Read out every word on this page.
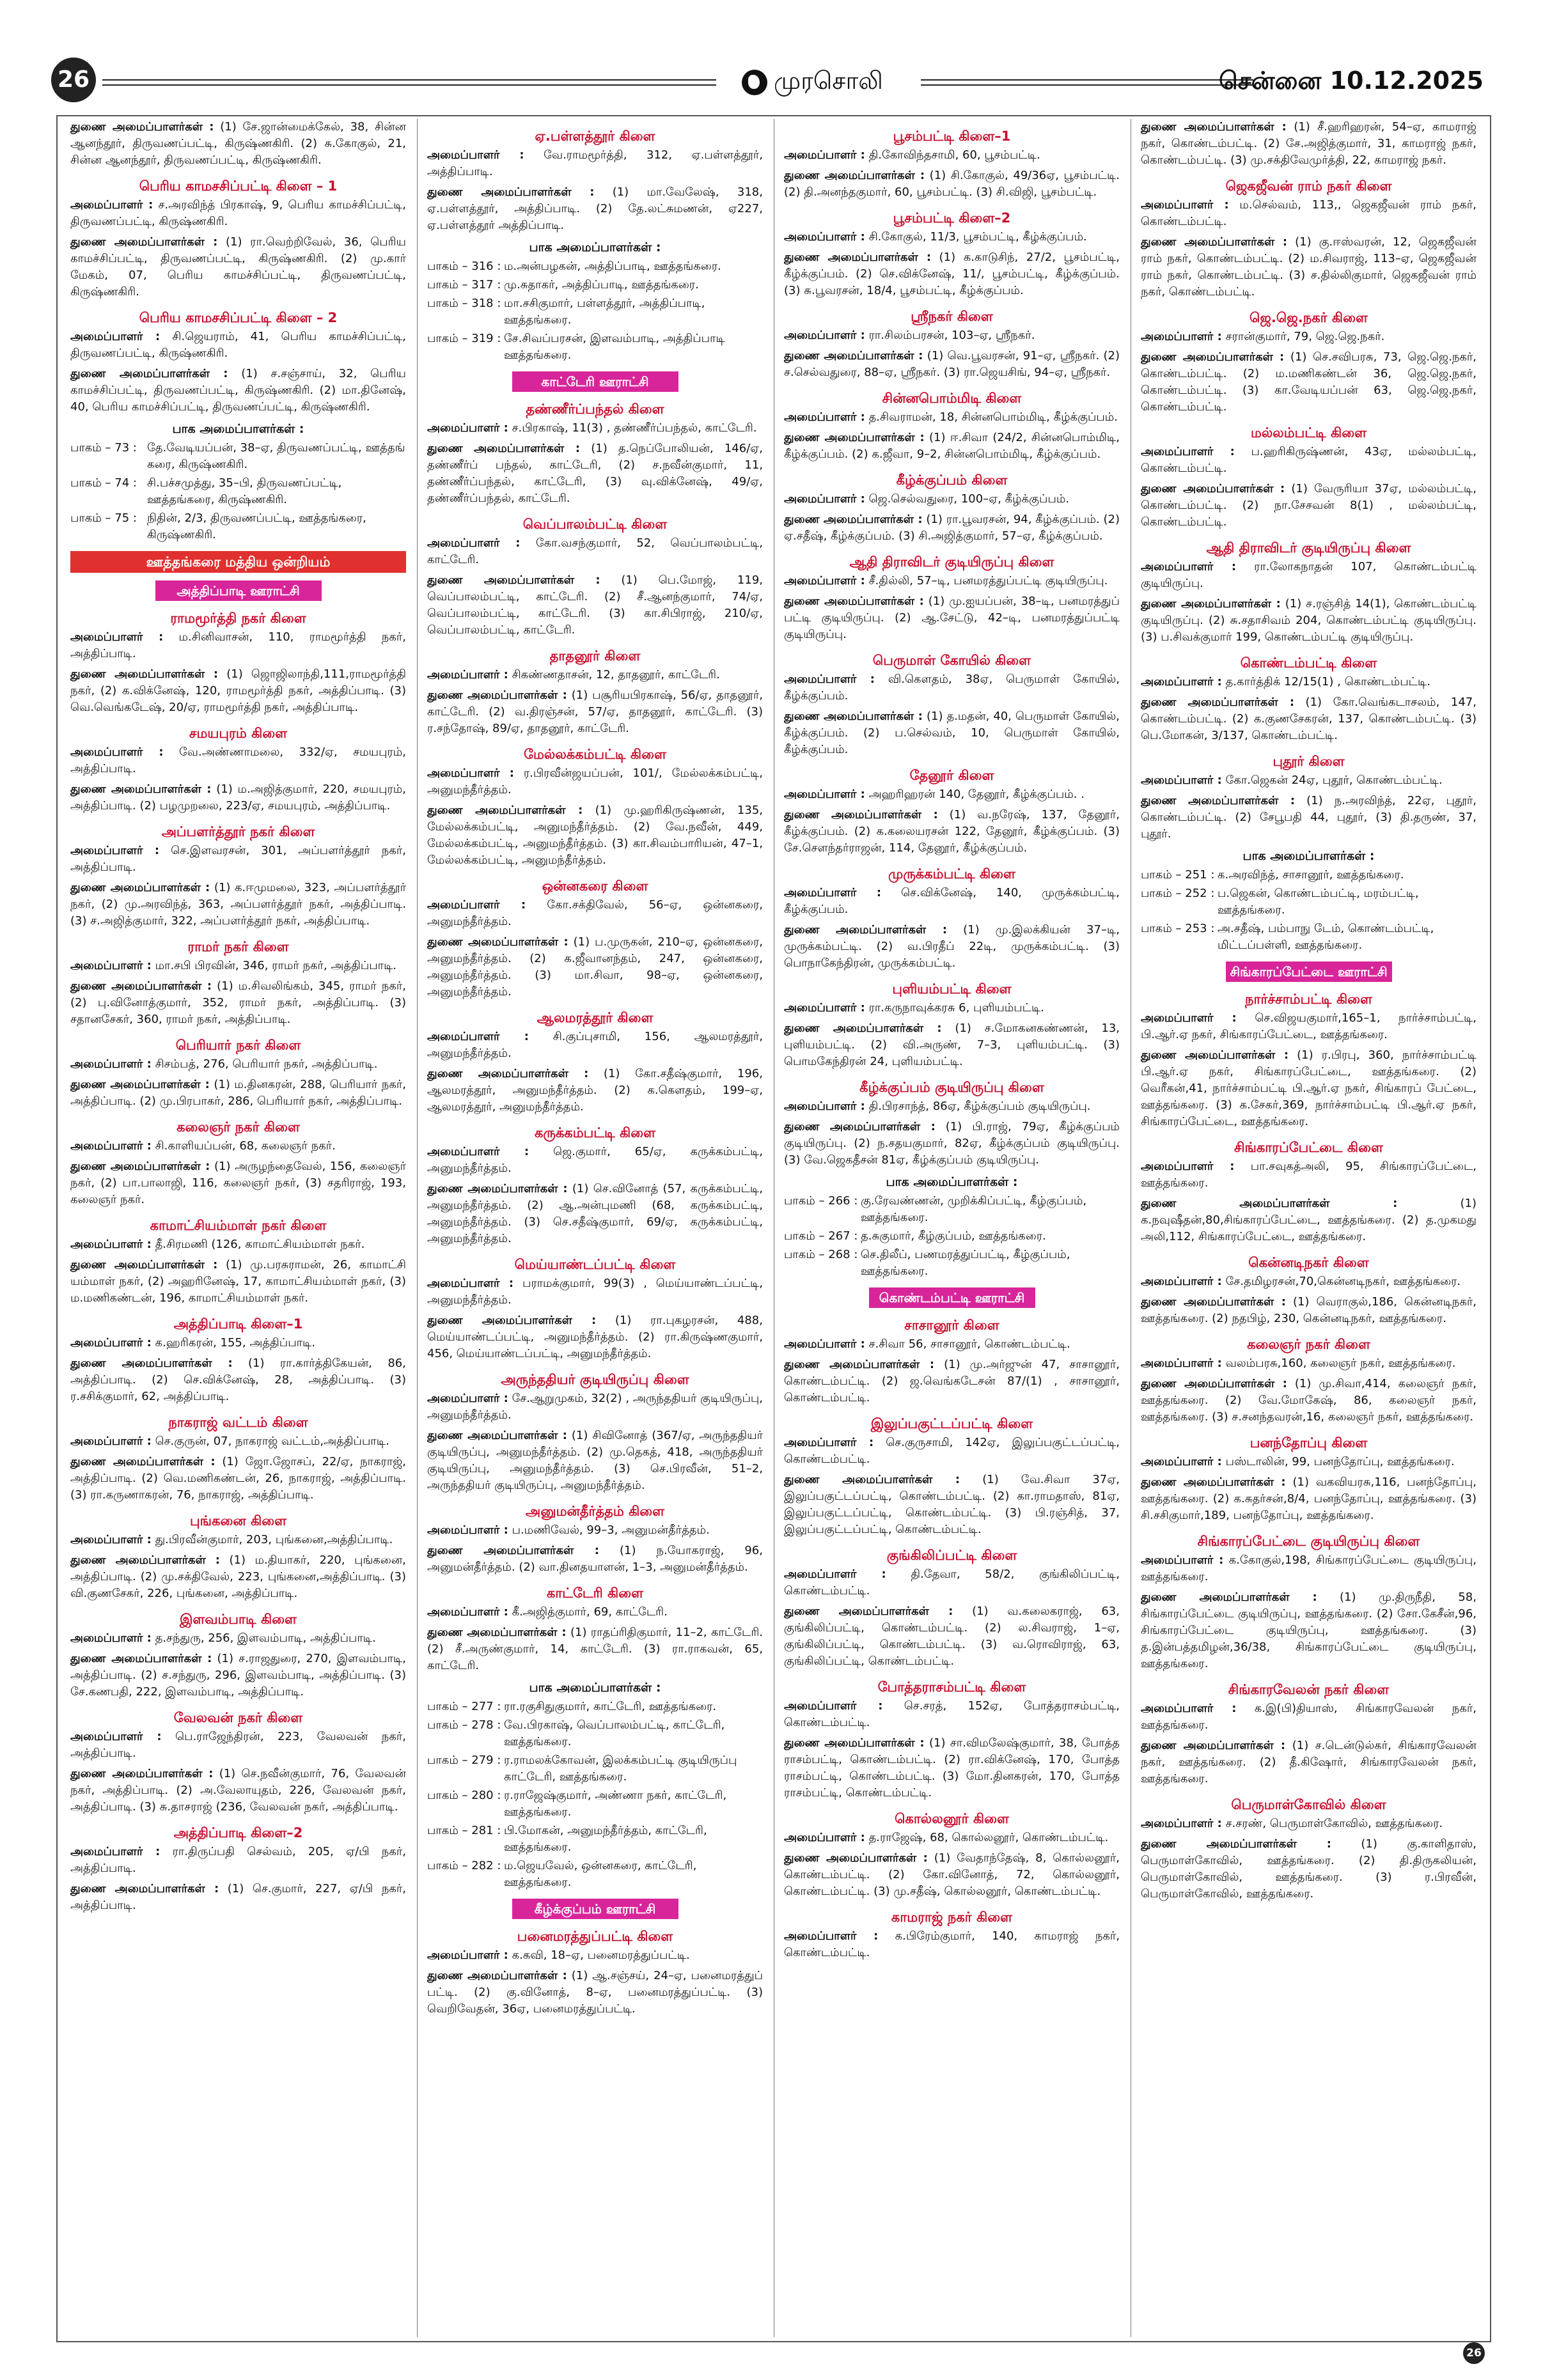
26	முரசொலி	சென்னை 10.12.2025
துணை அமைப்பாளர்கள் : (1) சே.ஜான்மைக்கேல், 38, சின்ன ஆனந்தூர், திருவணப்பட்டி, கிருஷ்ணகிரி. (2) சு.கோகுல், 21, சின்ன ஆனந்தூர், திருவணப்பட்டி, கிருஷ்ணகிரி.
பெரிய காமசசிப்பட்டி கிளை – 1
அமைப்பாளர் : ச.அரவிந்த் பிரகாஷ், 9, பெரிய காமச்சிப்பட்டி, திருவணப்பட்டி, கிருஷ்ணகிரி.
துணை அமைப்பாளர்கள் : (1) ரா.வெற்றிவேல், 36, பெரிய காமச்சிப்பட்டி, திருவணப்பட்டி, கிருஷ்ணகிரி. (2) மு.கார் மேகம், 07, பெரிய காமச்சிப்பட்டி, திருவணப்பட்டி, கிருஷ்ணகிரி.
பெரிய காமசசிப்பட்டி கிளை – 2
அமைப்பாளர் : சி.ஜெயராம், 41, பெரிய காமச்சிப்பட்டி, திருவணப்பட்டி, கிருஷ்ணகிரி.
துணை அமைப்பாளர்கள் : (1) ச.சஞ்சாய், 32, பெரிய காமச்சிப்பட்டி, திருவணப்பட்டி, கிருஷ்ணகிரி. (2) மா.தினேஷ், 40, பெரிய காமச்சிப்பட்டி, திருவணப்பட்டி, கிருஷ்ணகிரி.
பாக அமைப்பாளர்கள் :
பாகம் – 73 : தே.வேடியப்பன், 38–ஏ, திருவணப்பட்டி, ஊத்தங் கரை, கிருஷ்ணகிரி.
பாகம் – 74 : சி.பச்சமுத்து, 35–பி, திருவணப்பட்டி, ஊத்தங்கரை, கிருஷ்ணகிரி.
பாகம் – 75 : நிதின், 2/3, திருவணப்பட்டி, ஊத்தங்கரை, கிருஷ்ணகிரி.
ஊத்தங்கரை மத்திய ஒன்றியம்
அத்திப்பாடி ஊராட்சி
ராமமூர்த்தி நகர் கிளை
அமைப்பாளர் : ம.சினிவாசன், 110, ராமமூர்த்தி நகர், அத்திப்பாடி.
துணை அமைப்பாளர்கள் : (1) ஜொஜிலாந்தி,111,ராமமூர்த்தி நகர், (2) க.விக்னேஷ், 120, ராமமூர்த்தி நகர், அத்திப்பாடி. (3) வெ.வெங்கடேஷ், 20/ஏ, ராமமூர்த்தி நகர், அத்திப்பாடி.
சமயபுரம் கிளை
அமைப்பாளர் : வே.அண்ணாமலை, 332/ஏ, சமயபுரம், அத்திப்பாடி.
துணை அமைப்பாளர்கள் : (1) ம.அஜித்குமார், 220, சமயபுரம், அத்திப்பாடி. (2) பழமுறலை, 223/ஏ, சமயபுரம், அத்திப்பாடி.
அப்பளர்த்தூர் நகர் கிளை
அமைப்பாளர் : செ.இளவரசன், 301, அப்பளர்த்தூர் நகர், அத்திப்பாடி.
துணை அமைப்பாளர்கள் : (1) க.ஈமுமலை, 323, அப்பளர்த்தூர் நகர், (2) மு.அரவிந்த், 363, அப்பளர்த்தூர் நகர், அத்திப்பாடி. (3) ச.அஜித்குமார், 322, அப்பளர்த்தூர் நகர், அத்திப்பாடி.
ராமர் நகர் கிளை
அமைப்பாளர் : மா.சபி பிரவின், 346, ராமர் நகர், அத்திப்பாடி.
துணை அமைப்பாளர்கள் : (1) ம.சிவலிங்கம், 345, ராமர் நகர், (2) பு.வினோத்குமார், 352, ராமர் நகர், அத்திப்பாடி. (3) சதானசேகர், 360, ராமர் நகர், அத்திப்பாடி.
பெரியார் நகர் கிளை
அமைப்பாளர் : சிசம்பத், 276, பெரியார் நகர், அத்திப்பாடி.
துணை அமைப்பாளர்கள் : (1) ம.தினகரன், 288, பெரியார் நகர், அத்திப்பாடி. (2) மு.பிரபாகர், 286, பெரியார் நகர், அத்திப்பாடி.
கலைஞர் நகர் கிளை
அமைப்பாளர் : சி.காளியப்பன், 68, கலைஞர் நகர்.
துணை அமைப்பாளர்கள் : (1) அருழந்தைவேல், 156, கலைஞர் நகர், (2) பா.பாலாஜி, 116, கலைஞர் நகர், (3) சதரிராஜ், 193, கலைஞர் நகர்.
காமாட்சியம்மாள் நகர் கிளை
அமைப்பாளர் : தீ.சிரமணி (126, காமாட்சியம்மாள் நகர்.
துணை அமைப்பாளர்கள் : (1) மு.பரசுராமன், 26, காமாட்சி யம்மாள் நகர், (2) அஹரினேஷ், 17, காமாட்சியம்மாள் நகர், (3) ம.மணிகண்டன், 196, காமாட்சியம்மாள் நகர்.
அத்திப்பாடி கிளை–1
அமைப்பாளர் : க.ஹரிகரன், 155, அத்திப்பாடி.
துணை அமைப்பாளர்கள் : (1) ரா.கார்த்திகேயன், 86, அத்திப்பாடி. (2) செ.விக்னேஷ், 28, அத்திப்பாடி. (3) ர.சசிக்குமார், 62, அத்திப்பாடி.
நாகராஜ் வட்டம் கிளை
அமைப்பாளர் : செ.குருன், 07, நாகராஜ் வட்டம்,அத்திப்பாடி.
துணை அமைப்பாளர்கள் : (1) ஜோ.ஜோசப், 22/ஏ, நாகராஜ், அத்திப்பாடி. (2) வெ.மணிகண்டன், 26, நாகராஜ், அத்திப்பாடி. (3) ரா.கருணாகரன், 76, நாகராஜ், அத்திப்பாடி.
புங்கனை கிளை
அமைப்பாளர் : து.பிரவீன்குமார், 203, புங்கனை,அத்திப்பாடி.
துணை அமைப்பாளர்கள் : (1) ம.தியாகர், 220, புங்கனை, அத்திப்பாடி. (2) மு.சக்திவேல், 223, புங்கனை,அத்திப்பாடி. (3) வி.குணசேகர், 226, புங்கனை, அத்திப்பாடி.
இளவம்பாடி கிளை
அமைப்பாளர் : த.சந்துரு, 256, இளவம்பாடி, அத்திப்பாடி.
துணை அமைப்பாளர்கள் : (1) ச.ராஜதுரை, 270, இளவம்பாடி, அத்திப்பாடி. (2) ச.சந்துரு, 296, இளவம்பாடி, அத்திப்பாடி. (3) சே.கணபதி, 222, இளவம்பாடி, அத்திப்பாடி.
வேலவன் நகர் கிளை
அமைப்பாளர் : பெ.ராஜேந்திரன், 223, வேலவன் நகர், அத்திப்பாடி.
துணை அமைப்பாளர்கள் : (1) செ.நவீன்குமார், 76, வேலவன் நகர், அத்திப்பாடி. (2) அ.வேலாயுதம், 226, வேலவன் நகர், அத்திப்பாடி. (3) சு.தாசராஜ் (236, வேலவன் நகர், அத்திப்பாடி.
அத்திப்பாடி கிளை–2
அமைப்பாளர் : ரா.திருப்பதி செல்வம், 205, ஏ/பி நகர், அத்திப்பாடி.
துணை அமைப்பாளர்கள் : (1) செ.குமார், 227, ஏ/பி நகர், அத்திப்பாடி.
ஏ.பள்ளத்தூர் கிளை
அமைப்பாளர் : வே.ராமமூர்த்தி, 312, ஏ.பள்ளத்தூர், அத்திப்பாடி.
துணை அமைப்பாளர்கள் : (1) மா.வேலேஷ், 318, ஏ.பள்ளத்தூர், அத்திப்பாடி. (2) தே.லட்சுமணன், ஏ227, ஏ.பள்ளத்தூர் அத்திப்பாடி.
பாக அமைப்பாளர்கள் :
பாகம் – 316 : ம.அன்பழகன், அத்திப்பாடி, ஊத்தங்கரை.
பாகம் – 317 : மு.சுதாகர், அத்திப்பாடி, ஊத்தங்கரை.
பாகம் – 318 : மா.சசிகுமார், பள்ளத்தூர், அத்திப்பாடி, ஊத்தங்கரை.
பாகம் – 319 : சே.சிவப்பரசன், இளவம்பாடி, அத்திப்பாடி ஊத்தங்கரை.
காட்டேரி ஊராட்சி
தண்ணீர்ப்பந்தல் கிளை
அமைப்பாளர் : ச.பிரகாஷ், 11(3) , தண்ணீர்ப்பந்தல், காட்டேரி.
துணை அமைப்பாளர்கள் : (1) த.நெப்போலியன், 146/ஏ, தண்ணீர்ப் பந்தல், காட்டேரி, (2) ச.நவீன்குமார், 11, தண்ணீர்ப்பந்தல், காட்டேரி, (3) வு.விக்னேஷ், 49/ஏ, தண்ணீர்ப்பந்தல், காட்டேரி.
வெப்பாலம்பட்டி கிளை
அமைப்பாளர் : கோ.வசந்குமார், 52, வெப்பாலம்பட்டி, காட்டேரி.
துணை அமைப்பாளர்கள் : (1) பெ.மோஜ், 119, வெப்பாலம்பட்டி, காட்டேரி. (2) சீ.ஆனந்குமார், 74/ஏ, வெப்பாலம்பட்டி, காட்டேரி. (3) கா.சிபிராஜ், 210/ஏ, வெப்பாலம்பட்டி, காட்டேரி.
தாதனூர் கிளை
அமைப்பாளர் : சிகண்ணதாசன், 12, தாதனூர், காட்டேரி.
துணை அமைப்பாளர்கள் : (1) பசூரியபிரகாஷ், 56/ஏ, தாதனூர், காட்டேரி. (2) வ.திரஞ்சன், 57/ஏ, தாதனூர், காட்டேரி. (3) ர.சந்தோஷ், 89/ஏ, தாதனூர், காட்டேரி.
மேல்லக்கம்பட்டி கிளை
அமைப்பாளர் : ர.பிரவீன்ஜயப்பன், 101/, மேல்லக்கம்பட்டி, அனுமந்தீர்த்தம்.
துணை அமைப்பாளர்கள் : (1) மு.ஹரிகிருஷ்ணன், 135, மேல்லக்கம்பட்டி, அனுமந்தீர்த்தம். (2) வே.நவீன், 449, மேல்லக்கம்பட்டி, அனுமந்தீர்த்தம். (3) கா.சிவம்பாரியன், 47–1, மேல்லக்கம்பட்டி, அனுமந்தீர்த்தம்.
ஒன்னகரை கிளை
அமைப்பாளர் : கோ.சக்திவேல், 56–ஏ, ஒன்னகரை, அனுமந்தீர்த்தம்.
துணை அமைப்பாளர்கள் : (1) ப.முருகன், 210–ஏ, ஒன்னகரை, அனுமந்தீர்த்தம். (2) க.ஜீவானந்தம், 247, ஒன்னகரை, அனுமந்தீர்த்தம். (3) மா.சிவா, 98–ஏ, ஒன்னகரை, அனுமந்தீர்த்தம்.
ஆலமரத்தூர் கிளை
அமைப்பாளர் : சி.குப்புசாமி, 156, ஆலமரத்தூர், அனுமந்தீர்த்தம்.
துணை அமைப்பாளர்கள் : (1) கோ.சதீஷ்குமார், 196, ஆலமரத்தூர், அனுமந்தீர்த்தம். (2) க.கௌதம், 199–ஏ, ஆலமரத்தூர், அனுமந்தீர்த்தம்.
கருக்கம்பட்டி கிளை
அமைப்பாளர் : ஜெ.குமார், 65/ஏ, கருக்கம்பட்டி, அனுமந்தீர்த்தம்.
துணை அமைப்பாளர்கள் : (1) செ.வினோத் (57, கருக்கம்பட்டி, அனுமந்தீர்த்தம். (2) ஆ.அன்புமணி (68, கருக்கம்பட்டி, அனுமந்தீர்த்தம். (3) செ.சதீஷ்குமார், 69/ஏ, கருக்கம்பட்டி, அனுமந்தீர்த்தம்.
மெய்யாண்டப்பட்டி கிளை
அமைப்பாளர் : பராமக்குமார், 99(3) , மெய்யாண்டப்பட்டி, அனுமந்தீர்த்தம்.
துணை அமைப்பாளர்கள் : (1) ரா.புகழரசன், 488, மெய்யாண்டப்பட்டி, அனுமந்தீர்த்தம். (2) ரா.கிருஷ்ணகுமார், 456, மெய்யாண்டப்பட்டி, அனுமந்தீர்த்தம்.
அருந்ததியர் குடியிருப்பு கிளை
அமைப்பாளர் : சே.ஆறுமுகம், 32(2) , அருந்ததியர் குடியிருப்பு, அனுமந்தீர்த்தம்.
துணை அமைப்பாளர்கள் : (1) சிவினோத் (367/ஏ, அருந்ததியர் குடியிருப்பு, அனுமந்தீர்த்தம். (2) மு.தெகத், 418, அருந்ததியர் குடியிருப்பு, அனுமந்தீர்த்தம். (3) செ.பிரவீன், 51–2, அருந்ததியர் குடியிருப்பு, அனுமந்தீர்த்தம்.
அனுமன்தீர்த்தம் கிளை
அமைப்பாளர் : ப.மணிவேல், 99–3, அனுமன்தீர்த்தம்.
துணை அமைப்பாளர்கள் : (1) ந.யோகராஜ், 96, அனுமன்தீர்த்தம். (2) வா.தினதயாளன், 1–3, அனுமன்தீர்த்தம்.
காட்டேரி கிளை
அமைப்பாளர் : கீ.அஜித்குமார், 69, காட்டேரி.
துணை அமைப்பாளர்கள் : (1) ராதப்ரிதிகுமார், 11–2, காட்டேரி. (2) சீ.அருண்குமார், 14, காட்டேரி. (3) ரா.ராகவன், 65, காட்டேரி.
பாக அமைப்பாளர்கள் :
பாகம் – 277 : ரா.ரகுசிதுகுமார், காட்டேரி, ஊத்தங்கரை.
பாகம் – 278 : வே.பிரகாஷ், வெப்பாலம்பட்டி, காட்டேரி, ஊத்தங்கரை.
பாகம் – 279 : ர.ராமலக்கோவன், இலக்கம்பட்டி குடியிருப்பு காட்டேரி, ஊத்தங்கரை.
பாகம் – 280 : ர.ராஜேஷ்குமார், அண்ணா நகர், காட்டேரி, ஊத்தங்கரை.
பாகம் – 281 : பி.மோகன், அனுமந்தீர்த்தம், காட்டேரி, ஊத்தங்கரை.
பாகம் – 282 : ம.ஜெயவேல், ஒன்னகரை, காட்டேரி, ஊத்தங்கரை.
கீழ்க்குப்பம் ஊராட்சி
பனைமரத்துப்பட்டி கிளை
அமைப்பாளர் : க.கவி, 18–ஏ, பனைமரத்துப்பட்டி.
துணை அமைப்பாளர்கள் : (1) ஆ.சஞ்சய், 24–ஏ, பனைமரத்துப் பட்டி. (2) கு.வினோத், 8–ஏ, பனைமரத்துப்பட்டி. (3) வெறிவேதன், 36ஏ, பனைமரத்துப்பட்டி.
பூசம்பட்டி கிளை–1
அமைப்பாளர் : தி.கோவிந்தசாமி, 60, பூசம்பட்டி.
துணை அமைப்பாளர்கள் : (1) சி.கோகுல், 49/36ஏ, பூசம்பட்டி. (2) தி.அனந்தகுமார், 60, பூசம்பட்டி. (3) சி.விஜி, பூசம்பட்டி.
பூசம்பட்டி கிளை–2
அமைப்பாளர் : சி.கோகுல், 11/3, பூசம்பட்டி, கீழ்க்குப்பம்.
துணை அமைப்பாளர்கள் : (1) க.காடுசிந், 27/2, பூசம்பட்டி, கீழ்க்குப்பம். (2) செ.விக்னேஷ், 11/, பூசம்பட்டி, கீழ்க்குப்பம். (3) சு.பூவரசன், 18/4, பூசம்பட்டி, கீழ்க்குப்பம்.
ஸ்ரீநகர் கிளை
அமைப்பாளர் : ரா.சிலம்பரசன், 103–ஏ, ஸ்ரீநகர்.
துணை அமைப்பாளர்கள் : (1) வெ.பூவரசன், 91–ஏ, ஸ்ரீநகர். (2) ச.செல்வதுரை, 88–ஏ, ஸ்ரீநகர். (3) ரா.ஜெயசிங், 94–ஏ, ஸ்ரீநகர்.
சின்னபொம்மிடி கிளை
அமைப்பாளர் : த.சிவராமன், 18, சின்னபொம்மிடி, கீழ்க்குப்பம்.
துணை அமைப்பாளர்கள் : (1) ஈ.சிவா (24/2, சின்னபொம்மிடி, கீழ்க்குப்பம். (2) க.ஜீவா, 9–2, சின்னபொம்மிடி, கீழ்க்குப்பம்.
கீழ்க்குப்பம் கிளை
அமைப்பாளர் : ஜெ.செல்வதுரை, 100–ஏ, கீழ்க்குப்பம்.
துணை அமைப்பாளர்கள் : (1) ரா.பூவரசன், 94, கீழ்க்குப்பம். (2) ஏ.சதீஷ், கீழ்க்குப்பம். (3) சி.அஜித்குமார், 57–ஏ, கீழ்க்குப்பம்.
ஆதி திராவிடர் குடியிருப்பு கிளை
அமைப்பாளர் : சீ.தில்லி, 57–டி, பனமரத்துப்பட்டி குடியிருப்பு.
துணை அமைப்பாளர்கள் : (1) மு.ஐயப்பன், 38–டி, பனமரத்துப் பட்டி குடியிருப்பு. (2) ஆ.சேட்டு, 42–டி, பனமரத்துப்பட்டி குடியிருப்பு.
பெருமாள் கோயில் கிளை
அமைப்பாளர் : வி.கௌதம், 38ஏ, பெருமாள் கோயில், கீழ்க்குப்பம்.
துணை அமைப்பாளர்கள் : (1) த.மதன், 40, பெருமாள் கோயில், கீழ்க்குப்பம். (2) ப.செல்வம், 10, பெருமாள் கோயில், கீழ்க்குப்பம்.
தேனூர் கிளை
அமைப்பாளர் : அஹரிஹரன் 140, தேனூர், கீழ்க்குப்பம். .
துணை அமைப்பாளர்கள் : (1) வ.நரேஷ், 137, தேனூர், கீழ்க்குப்பம். (2) க.கலையரசன் 122, தேனூர், கீழ்க்குப்பம். (3) சே.சௌந்தர்ராஜன், 114, தேனூர், கீழ்க்குப்பம்.
முருக்கம்பட்டி கிளை
அமைப்பாளர் : செ.விக்னேஷ், 140, முருக்கம்பட்டி, கீழ்க்குப்பம்.
துணை அமைப்பாளர்கள் : (1) மு.இலக்கியன் 37–டி, முருக்கம்பட்டி. (2) வ.பிரதீப் 22டி, முருக்கம்பட்டி. (3) பொநாகேந்திரன், முருக்கம்பட்டி.
புளியம்பட்டி கிளை
அமைப்பாளர் : ரா.கருநாவுக்கரசு 6, புளியம்பட்டி.
துணை அமைப்பாளர்கள் : (1) ச.மோகனகண்ணன், 13, புளியம்பட்டி. (2) வி.அருண், 7–3, புளியம்பட்டி. (3) பொமகேந்திரன் 24, புளியம்பட்டி.
கீழ்க்குப்பம் குடியிருப்பு கிளை
அமைப்பாளர் : தி.பிரசாந்த், 86ஏ, கீழ்க்குப்பம் குடியிருப்பு.
துணை அமைப்பாளர்கள் : (1) பி.ராஜ், 79ஏ, கீழ்க்குப்பம் குடியிருப்பு. (2) ந.சதயகுமார், 82ஏ, கீழ்க்குப்பம் குடியிருப்பு. (3) வே.ஜெகதீசன் 81ஏ, கீழ்க்குப்பம் குடியிருப்பு.
பாக அமைப்பாளர்கள் :
பாகம் – 266 : கு.ரேவண்ணன், முறிக்கிப்பட்டி, கீழ்குப்பம், ஊத்தங்கரை.
பாகம் – 267 : த.சுகுமார், கீழ்குப்பம், ஊத்தங்கரை.
பாகம் – 268 : செ.திலீப், பணமரத்துப்பட்டி, கீழ்குப்பம், ஊத்தங்கரை.
கொண்டம்பட்டி ஊராட்சி
சாசானூர் கிளை
அமைப்பாளர் : ச.சிவா 56, சாசானூர், கொண்டம்பட்டி.
துணை அமைப்பாளர்கள் : (1) மு.அர்ஜுன் 47, சாசானூர், கொண்டம்பட்டி. (2) ஜ.வெங்கடேசன் 87/(1) , சாசானூர், கொண்டம்பட்டி.
இலுப்பகுட்டப்பட்டி கிளை
அமைப்பாளர் : செ.குருசாமி, 142ஏ, இலுப்பகுட்டப்பட்டி, கொண்டம்பட்டி.
துணை அமைப்பாளர்கள் : (1) வே.சிவா 37ஏ, இலுப்பகுட்டப்பட்டி, கொண்டம்பட்டி. (2) கா.ராமதாஸ், 81ஏ, இலுப்பகுட்டப்பட்டி, கொண்டம்பட்டி. (3) பி.ரஞ்சித், 37, இலுப்பகுட்டப்பட்டி, கொண்டம்பட்டி.
குங்கிலிப்பட்டி கிளை
அமைப்பாளர் : தி.தேவா, 58/2, குங்கிலிப்பட்டி, கொண்டம்பட்டி.
துணை அமைப்பாளர்கள் : (1) வ.கலைகராஜ், 63, குங்கிலிப்பட்டி, கொண்டம்பட்டி. (2) ல.சிவராஜ், 1–ஏ, குங்கிலிப்பட்டி, கொண்டம்பட்டி. (3) வ.ரொவிராஜ், 63, குங்கிலிப்பட்டி, கொண்டம்பட்டி.
போத்தராசம்பட்டி கிளை
அமைப்பாளர் : செ.சரத், 152ஏ, போத்தராசம்பட்டி, கொண்டம்பட்டி.
துணை அமைப்பாளர்கள் : (1) சா.விமலேஷ்குமார், 38, போத்த ராசம்பட்டி, கொண்டம்பட்டி. (2) ரா.விக்னேஷ், 170, போத்த ராசம்பட்டி, கொண்டம்பட்டி. (3) மோ.தினகரன், 170, போத்த ராசம்பட்டி, கொண்டம்பட்டி.
கொல்லனூர் கிளை
அமைப்பாளர் : த.ராஜேஷ், 68, கொல்லனூர், கொண்டம்பட்டி.
துணை அமைப்பாளர்கள் : (1) வேதாந்தேஷ், 8, கொல்லனூர், கொண்டம்பட்டி. (2) கோ.வினோத், 72, கொல்லனூர், கொண்டம்பட்டி. (3) மு.சதீஷ், கொல்லனூர், கொண்டம்பட்டி.
காமராஜ் நகர் கிளை
அமைப்பாளர் : க.பிரேம்குமார், 140, காமராஜ் நகர், கொண்டம்பட்டி.
துணை அமைப்பாளர்கள் : (1) சீ.ஹரிஹரன், 54–ஏ, காமராஜ் நகர், கொண்டம்பட்டி. (2) சே.அஜித்குமார், 31, காமராஜ் நகர், கொண்டம்பட்டி. (3) மு.சக்திவேமுர்த்தி, 22, காமராஜ் நகர்.
ஜெகஜீவன் ராம் நகர் கிளை
அமைப்பாளர் : ம.செல்வம், 113,, ஜெகஜீவன் ராம் நகர், கொண்டம்பட்டி.
துணை அமைப்பாளர்கள் : (1) கு.ஈஸ்வரன், 12, ஜெகஜீவன் ராம் நகர், கொண்டம்பட்டி. (2) ம.சிவராஜ், 113–ஏ, ஜெகஜீவன் ராம் நகர், கொண்டம்பட்டி. (3) ச.தில்லிகுமார், ஜெகஜீவன் ராம் நகர், கொண்டம்பட்டி.
ஜெ.ஜெ.நகர் கிளை
அமைப்பாளர் : சரான்குமார், 79, ஜெ.ஜெ.நகர்.
துணை அமைப்பாளர்கள் : (1) செ.சவிபரசு, 73, ஜெ.ஜெ.நகர், கொண்டம்பட்டி. (2) ம.மணிகண்டன் 36, ஜெ.ஜெ.நகர், கொண்டம்பட்டி. (3) கா.வேடியப்பன் 63, ஜெ.ஜெ.நகர், கொண்டம்பட்டி.
மல்லம்பட்டி கிளை
அமைப்பாளர் : ப.ஹரிகிருஷ்ணன், 43ஏ, மல்லம்பட்டி, கொண்டம்பட்டி.
துணை அமைப்பாளர்கள் : (1) வேருரியா 37ஏ, மல்லம்பட்டி, கொண்டம்பட்டி. (2) நா.சேசவன் 8(1) , மல்லம்பட்டி, கொண்டம்பட்டி.
ஆதி திராவிடர் குடியிருப்பு கிளை
அமைப்பாளர் : ரா.லோகநாதன் 107, கொண்டம்பட்டி குடியிருப்பு.
துணை அமைப்பாளர்கள் : (1) ச.ரஞ்சித் 14(1), கொண்டம்பட்டி குடியிருப்பு. (2) சு.சதாசிவம் 204, கொண்டம்பட்டி குடியிருப்பு. (3) ப.சிவக்குமார் 199, கொண்டம்பட்டி குடியிருப்பு.
கொண்டம்பட்டி கிளை
அமைப்பாளர் : த.கார்த்திக் 12/15(1) , கொண்டம்பட்டி.
துணை அமைப்பாளர்கள் : (1) கோ.வெங்கடாசலம், 147, கொண்டம்பட்டி. (2) க.குணசேகரன், 137, கொண்டம்பட்டி. (3) பெ.மோகன், 3/137, கொண்டம்பட்டி.
புதூர் கிளை
அமைப்பாளர் : கோ.ஜெகன் 24ஏ, புதூர், கொண்டம்பட்டி.
துணை அமைப்பாளர்கள் : (1) ந.அரவிந்த், 22ஏ, புதூர், கொண்டம்பட்டி. (2) சேபூபதி 44, புதூர், (3) தி.தருண், 37, புதூர்.
பாக அமைப்பாளர்கள் :
பாகம் – 251 : க.அரவிந்த், சாசானூர், ஊத்தங்கரை.
பாகம் – 252 : ப.ஜெகன், கொண்டம்பட்டி, மரம்பட்டி, ஊத்தங்கரை.
பாகம் – 253 : அ.சதீஷ், பம்பாநு டேம், கொண்டம்பட்டி, மிட்டப்பள்ளி, ஊத்தங்கரை.
சிங்காரப்பேட்டை ஊராட்சி
நார்ச்சாம்பட்டி கிளை
அமைப்பாளர் : செ.விஜயகுமார்,165–1, நார்ச்சாம்பட்டி, பி.ஆர்.ஏ நகர், சிங்காரப்பேட்டை, ஊத்தங்கரை.
துணை அமைப்பாளர்கள் : (1) ர.பிரபு, 360, நார்ச்சாம்பட்டி பி.ஆர்.ஏ நகர், சிங்காரப்பேட்டை, ஊத்தங்கரை. (2) வெரீகன்,41, நார்ச்சாம்பட்டி பி.ஆர்.ஏ நகர், சிங்காரப் பேட்டை, ஊத்தங்கரை. (3) க.சேகர்,369, நார்ச்சாம்பட்டி பி.ஆர்.ஏ நகர், சிங்காரப்பேட்டை, ஊத்தங்கரை.
சிங்காரப்பேட்டை கிளை
அமைப்பாளர் : பா.சவுகத்அலி, 95, சிங்காரப்பேட்டை, ஊத்தங்கரை.
துணை அமைப்பாளர்கள் :	(1) க.நவுஷீதன்,80,சிங்காரப்பேட்டை, ஊத்தங்கரை. (2) த.முகமது அலி,112, சிங்காரப்பேட்டை, ஊத்தங்கரை.
கென்னடிநகர் கிளை
அமைப்பாளர் : சே.தமிழரசன்,70,கென்னடிநகர், ஊத்தங்கரை.
துணை அமைப்பாளர்கள் : (1) வெராகுல்,186, கென்னடிநகர், ஊத்தங்கரை. (2) நதபிழ், 230, கென்னடிநகர், ஊத்தங்கரை.
கலைஞர் நகர் கிளை
அமைப்பாளர் : வலம்பரசு,160, கலைஞர் நகர், ஊத்தங்கரை.
துணை அமைப்பாளர்கள் : (1) மு.சிவா,414, கலைஞர் நகர், ஊத்தங்கரை. (2) வே.மோகேஷ், 86, கலைஞர் நகர், ஊத்தங்கரை. (3) ச.சனந்தவரன்,16, கலைஞர் நகர், ஊத்தங்கரை.
பனந்தோப்பு கிளை
அமைப்பாளர் : பஸ்டாலின், 99, பனந்தோப்பு, ஊத்தங்கரை.
துணை அமைப்பாளர்கள் : (1) வகவியரசு,116, பனந்தோப்பு, ஊத்தங்கரை. (2) க.சுதர்சன்,8/4, பனந்தோப்பு, ஊத்தங்கரை. (3) சி.சசிகுமார்,189, பனந்தோப்பு, ஊத்தங்கரை.
சிங்காரப்பேட்டை குடியிருப்பு கிளை
அமைப்பாளர் : க.கோகுல்,198, சிங்காரப்பேட்டை குடியிருப்பு, ஊத்தங்கரை.
துணை அமைப்பாளர்கள் : (1) மு.திருநீதி, 58, சிங்காரப்பேட்டை குடியிருப்பு, ஊத்தங்கரை. (2) சோ.கேசீன்,96, சிங்காரப்பேட்டை குடியிருப்பு, ஊத்தங்கரை. (3) த.இன்பத்தமிழன்,36/38, சிங்காரப்பேட்டை குடியிருப்பு, ஊத்தங்கரை.
சிங்காரவேலன் நகர் கிளை
அமைப்பாளர் : க.இ(பி)தியாஸ், சிங்காரவேலன் நகர், ஊத்தங்கரை.
துணை அமைப்பாளர்கள் : (1) ச.டென்டுல்கர், சிங்காரவேலன் நகர், ஊத்தங்கரை. (2) தீ.கிஷோர், சிங்காரவேலன் நகர், ஊத்தங்கரை.
பெருமாள்கோவில் கிளை
அமைப்பாளர் : ச.சரண், பெருமாள்கோவில், ஊத்தங்கரை.
துணை அமைப்பாளர்கள் :	(1) கு.காளிதாஸ், பெருமாள்கோவில், ஊத்தங்கரை. (2) தி.திருகலியன், பெருமாள்கோவில், ஊத்தங்கரை. (3) ர.பிரவீன், பெருமாள்கோவில், ஊத்தங்கரை.
26
